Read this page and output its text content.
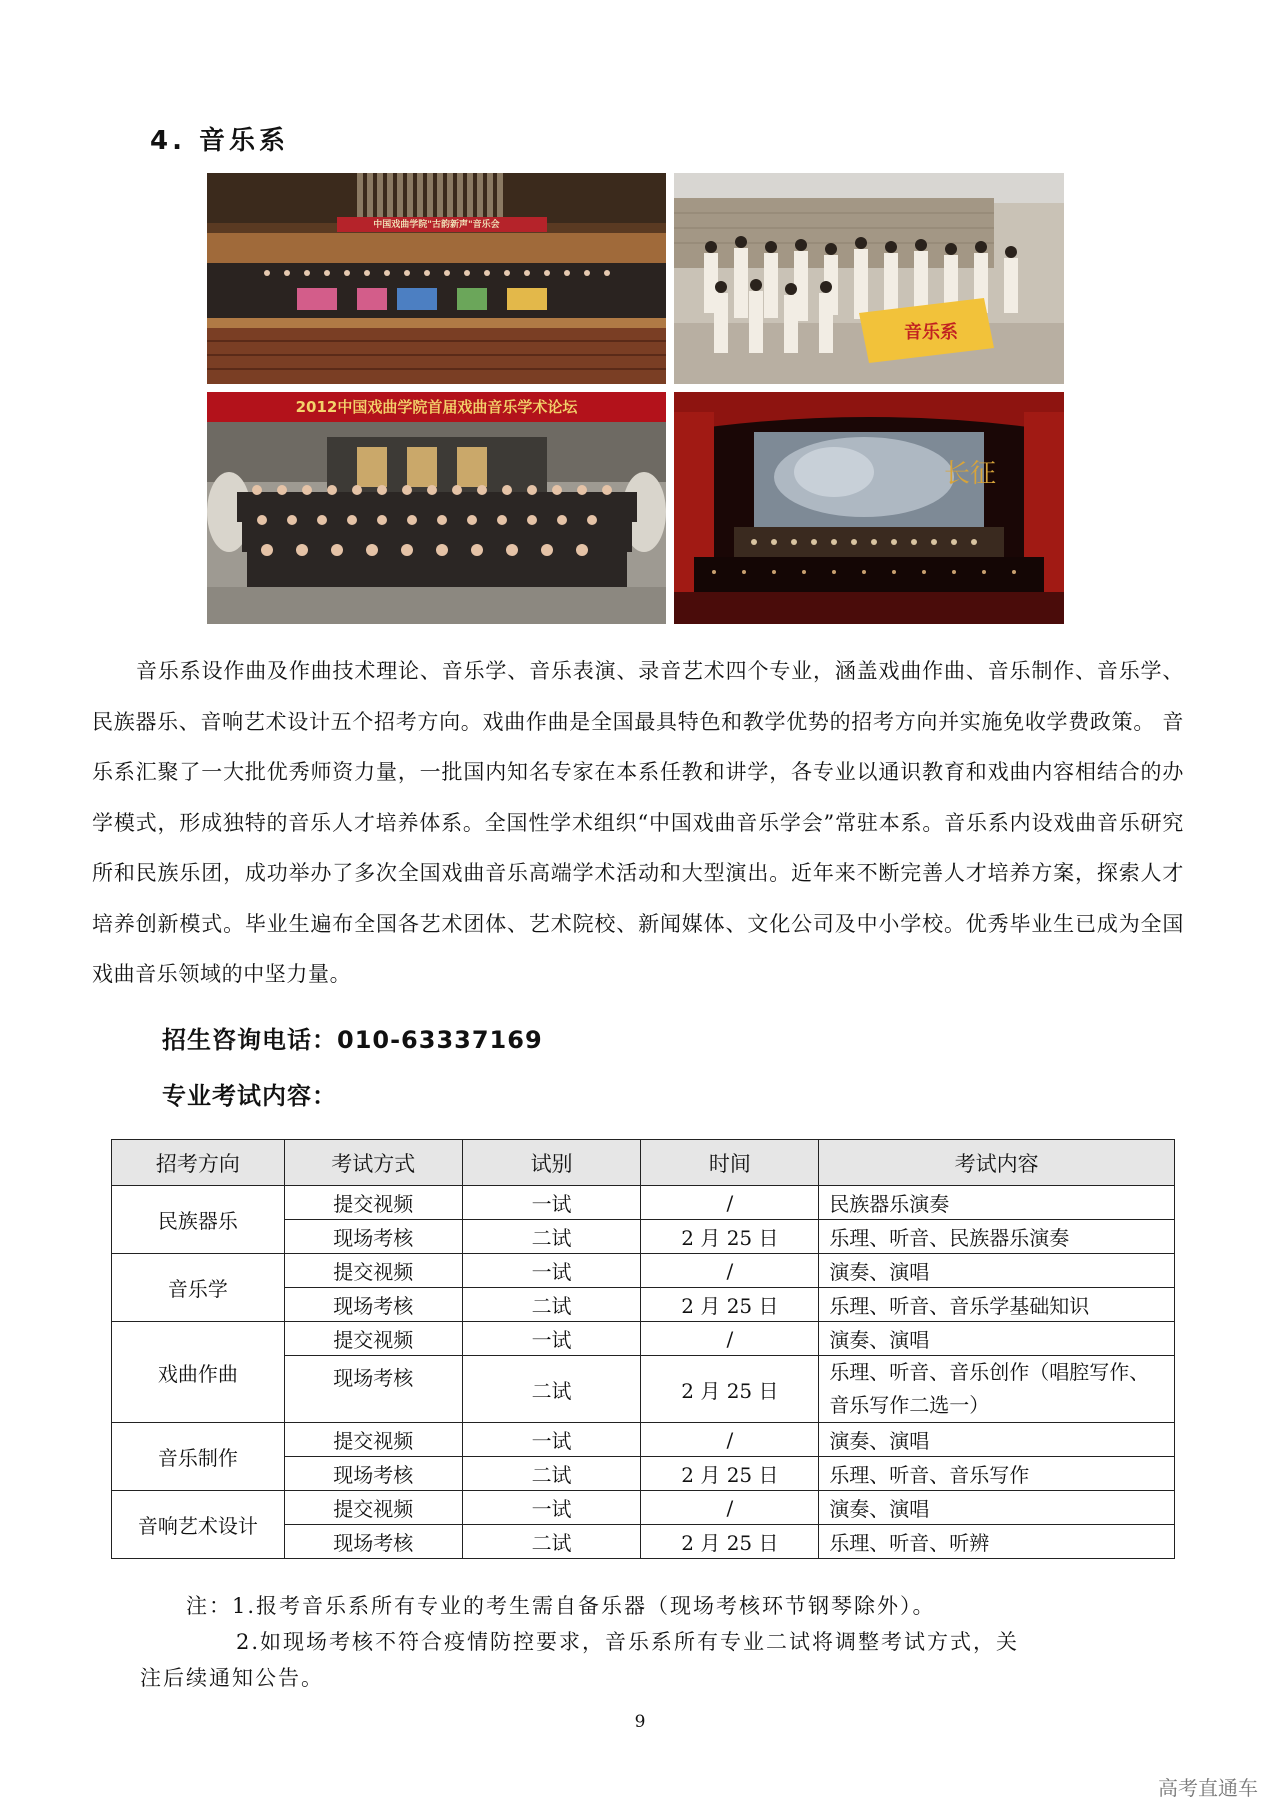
4. 音乐系
中国戏曲学院"古韵新声"音乐会
音乐系
2012中国戏曲学院首届戏曲音乐学术论坛
长征
音乐系设作曲及作曲技术理论、音乐学、音乐表演、录音艺术四个专业，涵盖戏曲作曲、音乐制作、音乐学、民族器乐、音响艺术设计五个招考方向。戏曲作曲是全国最具特色和教学优势的招考方向并实施免收学费政策。 音乐系汇聚了一大批优秀师资力量，一批国内知名专家在本系任教和讲学，各专业以通识教育和戏曲内容相结合的办学模式，形成独特的音乐人才培养体系。全国性学术组织“中国戏曲音乐学会”常驻本系。音乐系内设戏曲音乐研究所和民族乐团，成功举办了多次全国戏曲音乐高端学术活动和大型演出。近年来不断完善人才培养方案，探索人才培养创新模式。毕业生遍布全国各艺术团体、艺术院校、新闻媒体、文化公司及中小学校。优秀毕业生已成为全国戏曲音乐领域的中坚力量。
招生咨询电话：010-63337169
专业考试内容：
招考方向	考试方式	试别	时间	考试内容
民族器乐	提交视频	一试	/	民族器乐演奏
	现场考核	二试	2 月 25 日	乐理、听音、民族器乐演奏
音乐学	提交视频	一试	/	演奏、演唱
	现场考核	二试	2 月 25 日	乐理、听音、音乐学基础知识
戏曲作曲	提交视频	一试	/	演奏、演唱
	现场考核	二试	2 月 25 日	乐理、听音、音乐创作（唱腔写作、音乐写作二选一）
音乐制作	提交视频	一试	/	演奏、演唱
	现场考核	二试	2 月 25 日	乐理、听音、音乐写作
音响艺术设计	提交视频	一试	/	演奏、演唱
	现场考核	二试	2 月 25 日	乐理、听音、听辨
注：1.报考音乐系所有专业的考生需自备乐器（现场考核环节钢琴除外）。
2.如现场考核不符合疫情防控要求，音乐系所有专业二试将调整考试方式，关
注后续通知公告。
9
高考直通车
